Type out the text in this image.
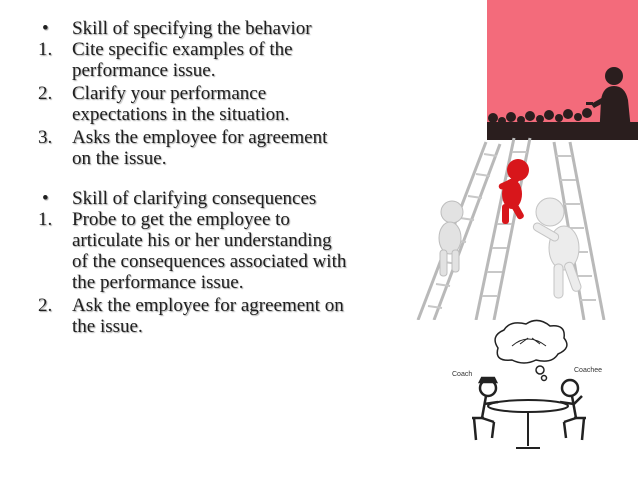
• Skill of specifying the behavior
1. Cite specific examples of the
performance issue.
2. Clarify your performance
expectations in the situation.
3. Asks the employee for agreement
on the issue.
• Skill of clarifying consequences
1. Probe to get the employee to
articulate his or her understanding
of the consequences associated with
the performance issue.
2. Ask the employee for agreement on
the issue.
Coach
Coachee
